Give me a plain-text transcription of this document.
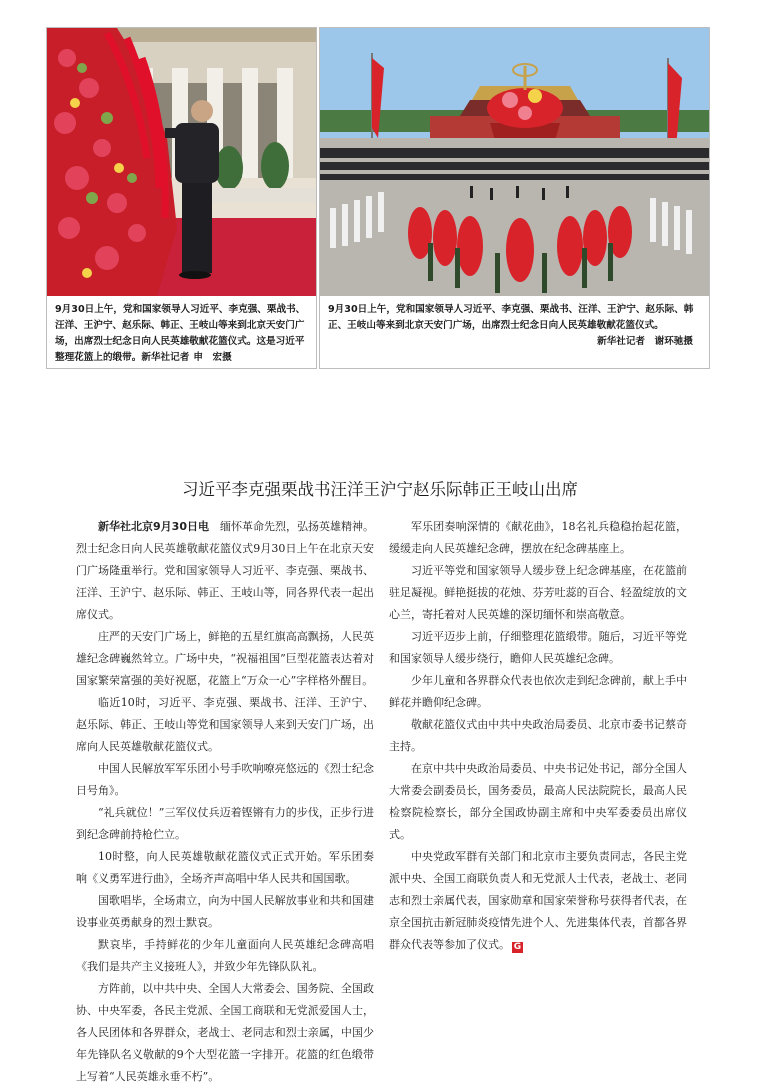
9月30日上午，党和国家领导人习近平、李克强、栗战书、汪洋、王沪宁、赵乐际、韩正、王岐山等来到北京天安门广场，出席烈士纪念日向人民英雄敬献花篮仪式。这是习近平整理花篮上的缎带。新华社记者 申　宏摄
9月30日上午，党和国家领导人习近平、李克强、栗战书、汪洋、王沪宁、赵乐际、韩正、王岐山等来到北京天安门广场，出席烈士纪念日向人民英雄敬献花篮仪式。
新华社记者　谢环驰摄
习近平李克强栗战书汪洋王沪宁赵乐际韩正王岐山出席

新华社北京9月30日电　 缅怀革命先烈，弘扬英雄精神。烈士纪念日向人民英雄敬献花篮仪式9月30日上午在北京天安门广场隆重举行。党和国家领导人习近平、李克强、栗战书、汪洋、王沪宁、赵乐际、韩正、王岐山等，同各界代表一起出席仪式。

庄严的天安门广场上，鲜艳的五星红旗高高飘扬，人民英雄纪念碑巍然耸立。广场中央，“祝福祖国”巨型花篮表达着对国家繁荣富强的美好祝愿，花篮上“万众一心”字样格外醒目。

临近10时，习近平、李克强、栗战书、汪洋、王沪宁、赵乐际、韩正、王岐山等党和国家领导人来到天安门广场，出席向人民英雄敬献花篮仪式。

中国人民解放军军乐团小号手吹响嘹亮悠远的《烈士纪念日号角》。

“礼兵就位！”三军仪仗兵迈着铿锵有力的步伐，正步行进到纪念碑前持枪伫立。

10时整，向人民英雄敬献花篮仪式正式开始。军乐团奏响《义勇军进行曲》，全场齐声高唱中华人民共和国国歌。

国歌唱毕，全场肃立，向为中国人民解放事业和共和国建设事业英勇献身的烈士默哀。

默哀毕，手持鲜花的少年儿童面向人民英雄纪念碑高唱《我们是共产主义接班人》，并致少年先锋队队礼。

方阵前，以中共中央、全国人大常委会、国务院、全国政协、中央军委，各民主党派、全国工商联和无党派爱国人士，各人民团体和各界群众，老战士、老同志和烈士亲属，中国少年先锋队名义敬献的9个大型花篮一字排开。花篮的红色缎带上写着“人民英雄永垂不朽”。

军乐团奏响深情的《献花曲》，18名礼兵稳稳抬起花篮，缓缓走向人民英雄纪念碑，摆放在纪念碑基座上。

习近平等党和国家领导人缓步登上纪念碑基座，在花篮前驻足凝视。鲜艳挺拔的花烛、芬芳吐蕊的百合、轻盈绽放的文心兰，寄托着对人民英雄的深切缅怀和崇高敬意。

习近平迈步上前，仔细整理花篮缎带。随后，习近平等党和国家领导人缓步绕行，瞻仰人民英雄纪念碑。

少年儿童和各界群众代表也依次走到纪念碑前，献上手中鲜花并瞻仰纪念碑。

敬献花篮仪式由中共中央政治局委员、北京市委书记蔡奇主持。

在京中共中央政治局委员、中央书记处书记，部分全国人大常委会副委员长，国务委员，最高人民法院院长，最高人民检察院检察长，部分全国政协副主席和中央军委委员出席仪式。

中央党政军群有关部门和北京市主要负责同志，各民主党派中央、全国工商联负责人和无党派人士代表，老战士、老同志和烈士亲属代表，国家勋章和国家荣誉称号获得者代表，在京全国抗击新冠肺炎疫情先进个人、先进集体代表，首都各界群众代表等参加了仪式。 G
